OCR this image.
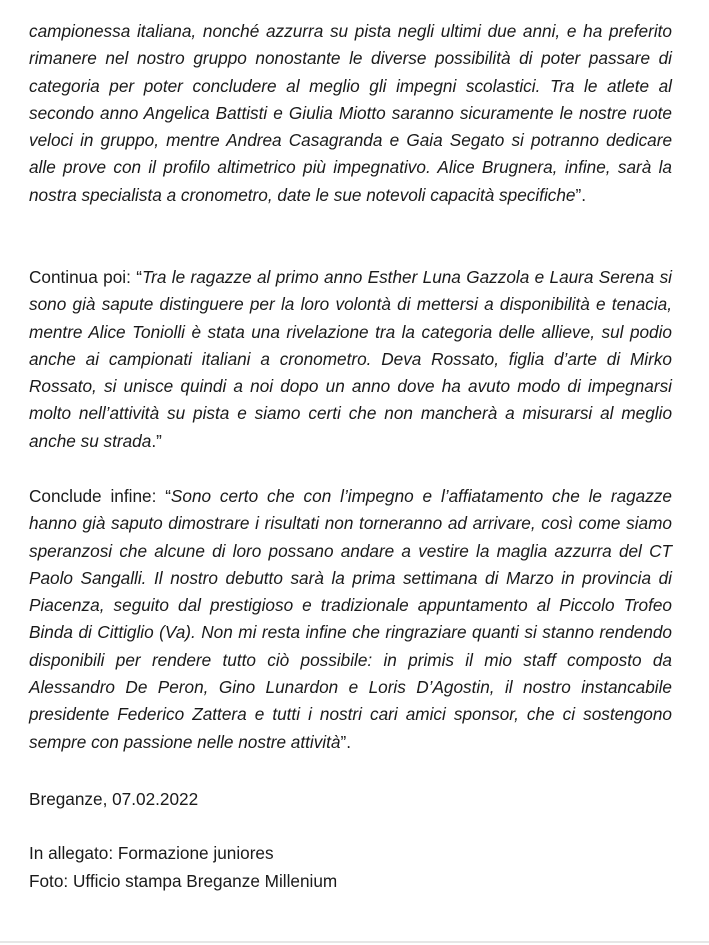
campionessa italiana, nonché azzurra su pista negli ultimi due anni, e ha preferito rimanere nel nostro gruppo nonostante le diverse possibilità di poter passare di categoria per poter concludere al meglio gli impegni scolastici. Tra le atlete al secondo anno Angelica Battisti e Giulia Miotto saranno sicuramente le nostre ruote veloci in gruppo, mentre Andrea Casagranda e Gaia Segato si potranno dedicare alle prove con il profilo altimetrico più impegnativo. Alice Brugnera, infine, sarà la nostra specialista a cronometro, date le sue notevoli capacità specifiche”.

Continua poi: “Tra le ragazze al primo anno Esther Luna Gazzola e Laura Serena si sono già sapute distinguere per la loro volontà di mettersi a disponibilità e tenacia, mentre Alice Toniolli è stata una rivelazione tra la categoria delle allieve, sul podio anche ai campionati italiani a cronometro. Deva Rossato, figlia d’arte di Mirko Rossato, si unisce quindi a noi dopo un anno dove ha avuto modo di impegnarsi molto nell’attività su pista e siamo certi che non mancherà a misurarsi al meglio anche su strada.”

Conclude infine: “Sono certo che con l’impegno e l’affiatamento che le ragazze hanno già saputo dimostrare i risultati non torneranno ad arrivare, così come siamo speranzosi che alcune di loro possano andare a vestire la maglia azzurra del CT Paolo Sangalli. Il nostro debutto sarà la prima settimana di Marzo in provincia di Piacenza, seguito dal prestigioso e tradizionale appuntamento al Piccolo Trofeo Binda di Cittiglio (Va). Non mi resta infine che ringraziare quanti si stanno rendendo disponibili per rendere tutto ciò possibile: in primis il mio staff composto da Alessandro De Peron, Gino Lunardon e Loris D’Agostin, il nostro instancabile presidente Federico Zattera e tutti i nostri cari amici sponsor, che ci sostengono sempre con passione nelle nostre attività”.

Breganze, 07.02.2022

In allegato: Formazione juniores

Foto: Ufficio stampa Breganze Millenium
